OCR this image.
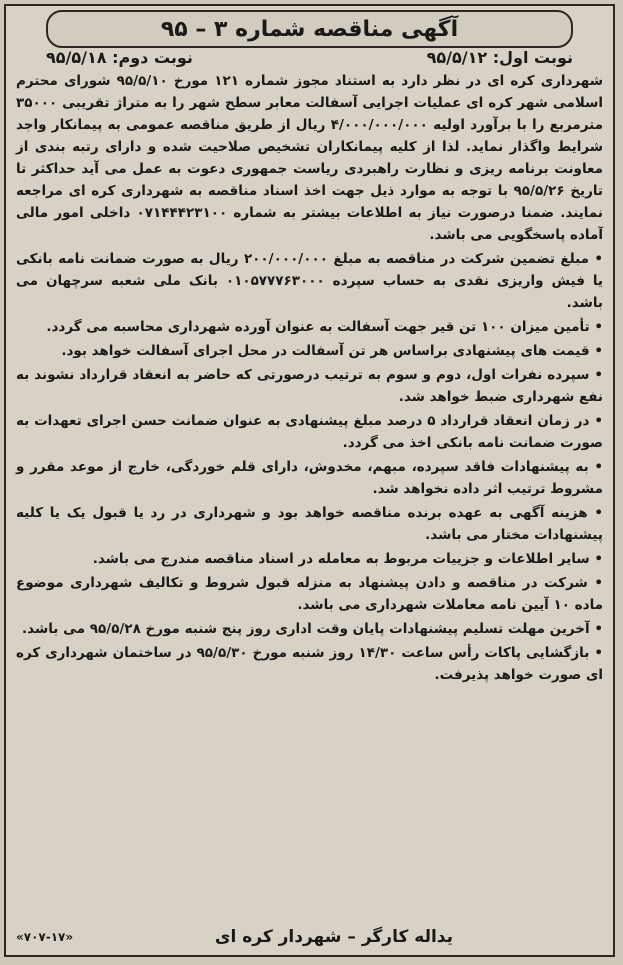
آگهی مناقصه شماره ۳ – ۹۵
نوبت اول: ۹۵/۵/۱۲
نوبت دوم: ۹۵/۵/۱۸

شهرداری کره ای در نظر دارد به استناد مجوز شماره ۱۲۱ مورخ ۹۵/۵/۱۰ شورای محترم اسلامی شهر کره ای عملیات اجرایی آسفالت معابر سطح شهر را به متراژ تقریبی ۳۵۰۰۰ مترمربع را با برآورد اولیه ۴/۰۰۰/۰۰۰/۰۰۰ ریال از طریق مناقصه عمومی به پیمانکار واجد شرایط واگذار نماید. لذا از کلیه پیمانکاران تشخیص صلاحیت شده و دارای رتبه بندی از معاونت برنامه ریزی و نظارت راهبردی ریاست جمهوری دعوت به عمل می آید حداکثر تا تاریخ ۹۵/۵/۲۶ با توجه به موارد ذیل جهت اخذ اسناد مناقصه به شهرداری کره ای مراجعه نمایند. ضمنا درصورت نیاز به اطلاعات بیشتر به شماره ۰۷۱۴۴۴۲۳۱۰۰ داخلی امور مالی آماده پاسخگویی می باشد.

• مبلغ تضمین شرکت در مناقصه به مبلغ ۲۰۰/۰۰۰/۰۰۰ ریال به صورت ضمانت نامه بانکی یا فیش واریزی نقدی به حساب سپرده ۰۱۰۵۷۷۷۶۳۰۰۰ بانک ملی شعبه سرچهان می باشد.

• تأمین میزان ۱۰۰ تن قیر جهت آسفالت به عنوان آورده شهرداری محاسبه می گردد.

• قیمت های پیشنهادی براساس هر تن آسفالت در محل اجرای آسفالت خواهد بود.

• سپرده نفرات اول، دوم و سوم به ترتیب درصورتی که حاضر به انعقاد قرارداد نشوند به نفع شهرداری ضبط خواهد شد.

• در زمان انعقاد قرارداد ۵ درصد مبلغ پیشنهادی به عنوان ضمانت حسن اجرای تعهدات به صورت ضمانت نامه بانکی اخذ می گردد.

• به پیشنهادات فاقد سپرده، مبهم، مخدوش، دارای قلم خوردگی، خارج از موعد مقرر و مشروط ترتیب اثر داده نخواهد شد.

• هزینه آگهی به عهده برنده مناقصه خواهد بود و شهرداری در رد یا قبول یک یا کلیه پیشنهادات مختار می باشد.

• سایر اطلاعات و جزییات مربوط به معامله در اسناد مناقصه مندرج می باشد.

• شرکت در مناقصه و دادن پیشنهاد به منزله قبول شروط و تکالیف شهرداری موضوع ماده ۱۰ آیین نامه معاملات شهرداری می باشد.

• آخرین مهلت تسلیم پیشنهادات پایان وقت اداری روز پنج شنبه مورخ ۹۵/۵/۲۸ می باشد.

• بازگشایی پاکات رأس ساعت ۱۴/۳۰ روز شنبه مورخ ۹۵/۵/۳۰ در ساختمان شهرداری کره ای صورت خواهد پذیرفت.

«۷۰۷-۱۷»	یداله کارگر – شهردار کره ای
